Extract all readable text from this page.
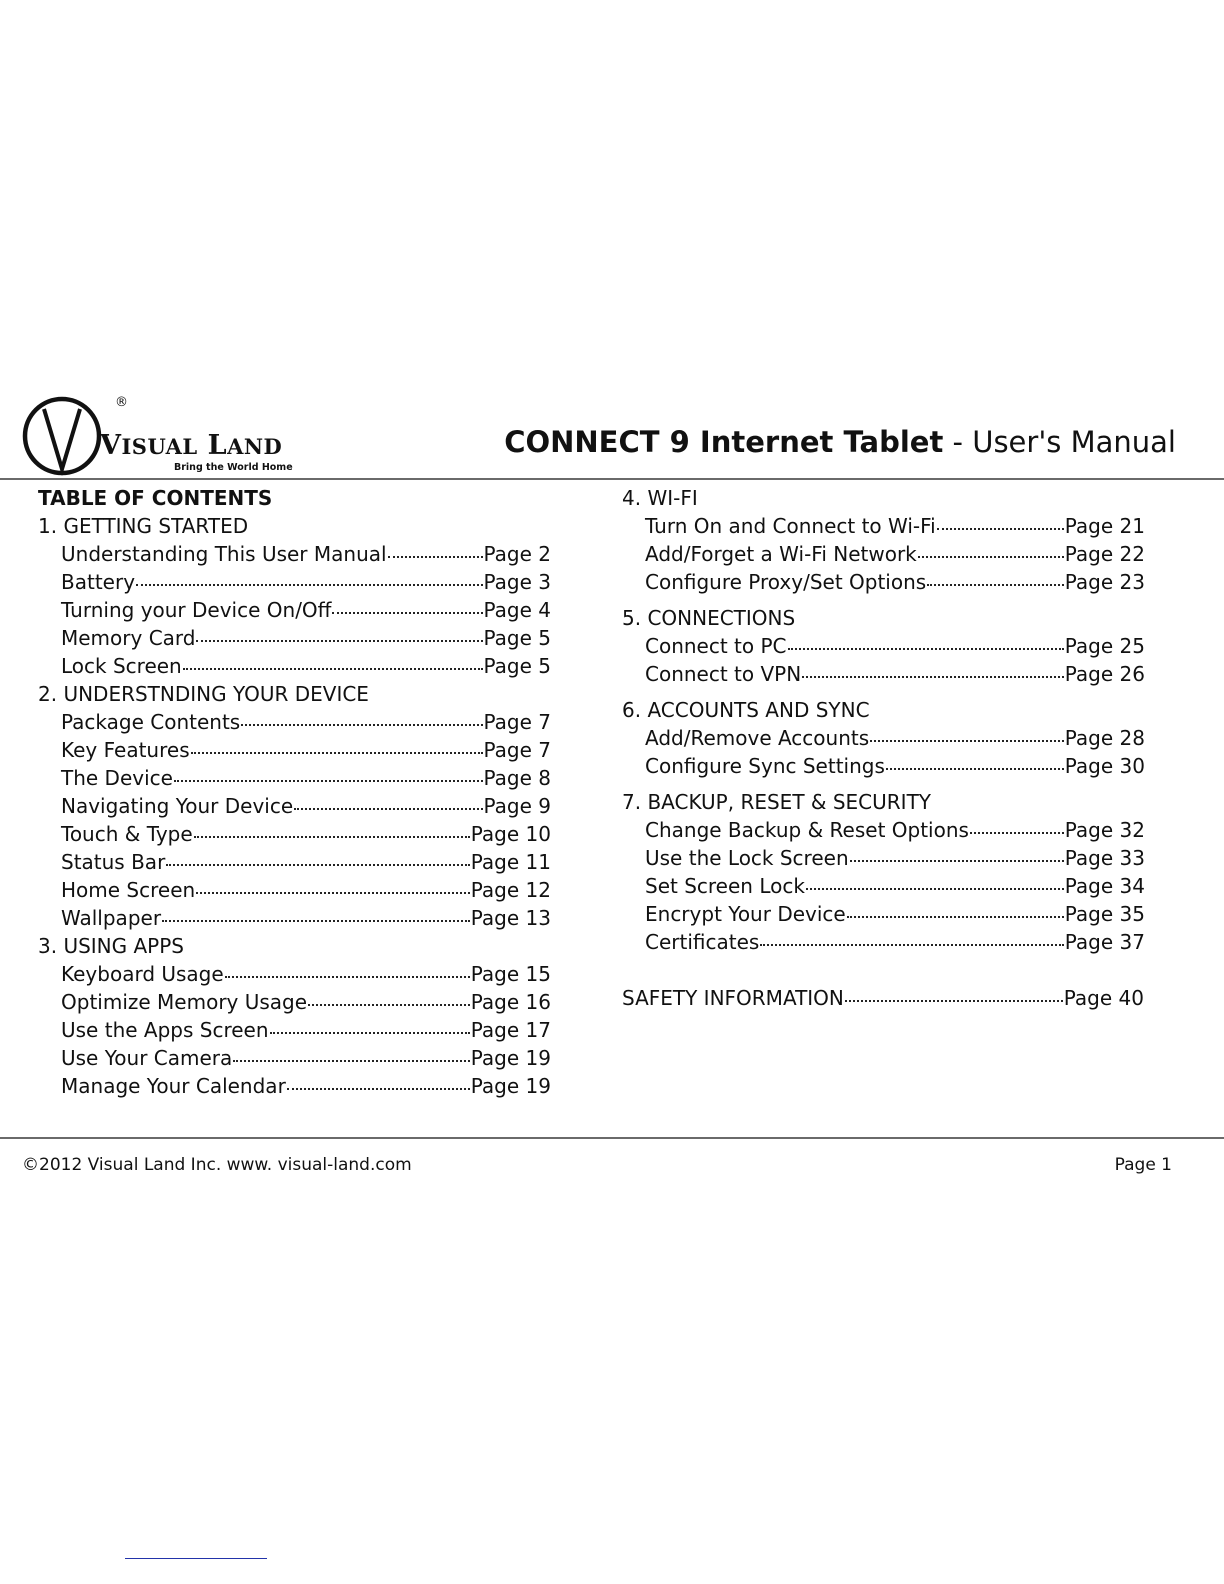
®
VISUAL LAND
Bring the World Home
CONNECT 9 Internet Tablet - User's Manual
TABLE OF CONTENTS
1. GETTING STARTED
Understanding This User Manual	Page 2
Battery	Page 3
Turning your Device On/Off	Page 4
Memory Card	Page 5
Lock Screen	Page 5
2. UNDERSTNDING YOUR DEVICE
Package Contents	Page 7
Key Features	Page 7
The Device	Page 8
Navigating Your Device	Page 9
Touch & Type	Page 10
Status Bar	Page 11
Home Screen	Page 12
Wallpaper	Page 13
3. USING APPS
Keyboard Usage	Page 15
Optimize Memory Usage	Page 16
Use the Apps Screen	Page 17
Use Your Camera	Page 19
Manage Your Calendar	Page 19
4. WI-FI
Turn On and Connect to Wi-Fi	Page 21
Add/Forget a Wi-Fi Network	Page 22
Configure Proxy/Set Options	Page 23
5. CONNECTIONS
Connect to PC	Page 25
Connect to VPN	Page 26
6. ACCOUNTS AND SYNC
Add/Remove Accounts	Page 28
Configure Sync Settings	Page 30
7. BACKUP, RESET & SECURITY
Change Backup & Reset Options	Page 32
Use the Lock Screen	Page 33
Set Screen Lock	Page 34
Encrypt Your Device	Page 35
Certificates	Page 37
SAFETY INFORMATION	Page 40
©2012 Visual Land Inc. www. visual-land.com	Page 1
